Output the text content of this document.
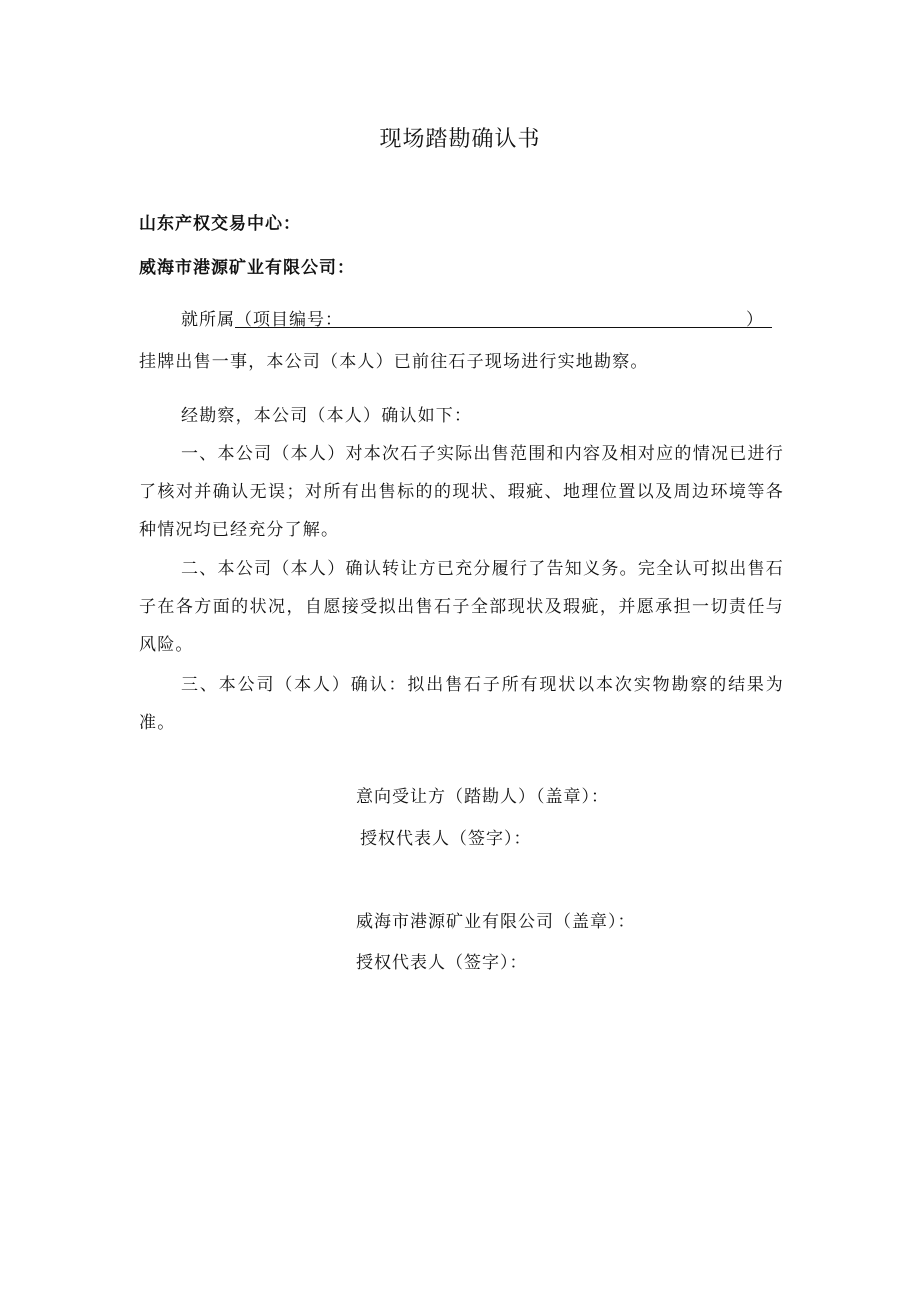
现场踏勘确认书
山东产权交易中心：
威海市港源矿业有限公司：
就所属 （项目编号：	）
挂牌出售一事，本公司（本人）已前往石子现场进行实地勘察。
经勘察，本公司（本人）确认如下：
一、本公司（本人）对本次石子实际出售范围和内容及相对应的情况已进行了核对并确认无误；对所有出售标的的现状、瑕疵、地理位置以及周边环境等各种情况均已经充分了解。
二、本公司（本人）确认转让方已充分履行了告知义务。完全认可拟出售石子在各方面的状况，自愿接受拟出售石子全部现状及瑕疵，并愿承担一切责任与风险。
三、本公司（本人）确认：拟出售石子所有现状以本次实物勘察的结果为准。
意向受让方（踏勘人）（盖章）：
授权代表人（签字）：
威海市港源矿业有限公司（盖章）：
授权代表人（签字）：
